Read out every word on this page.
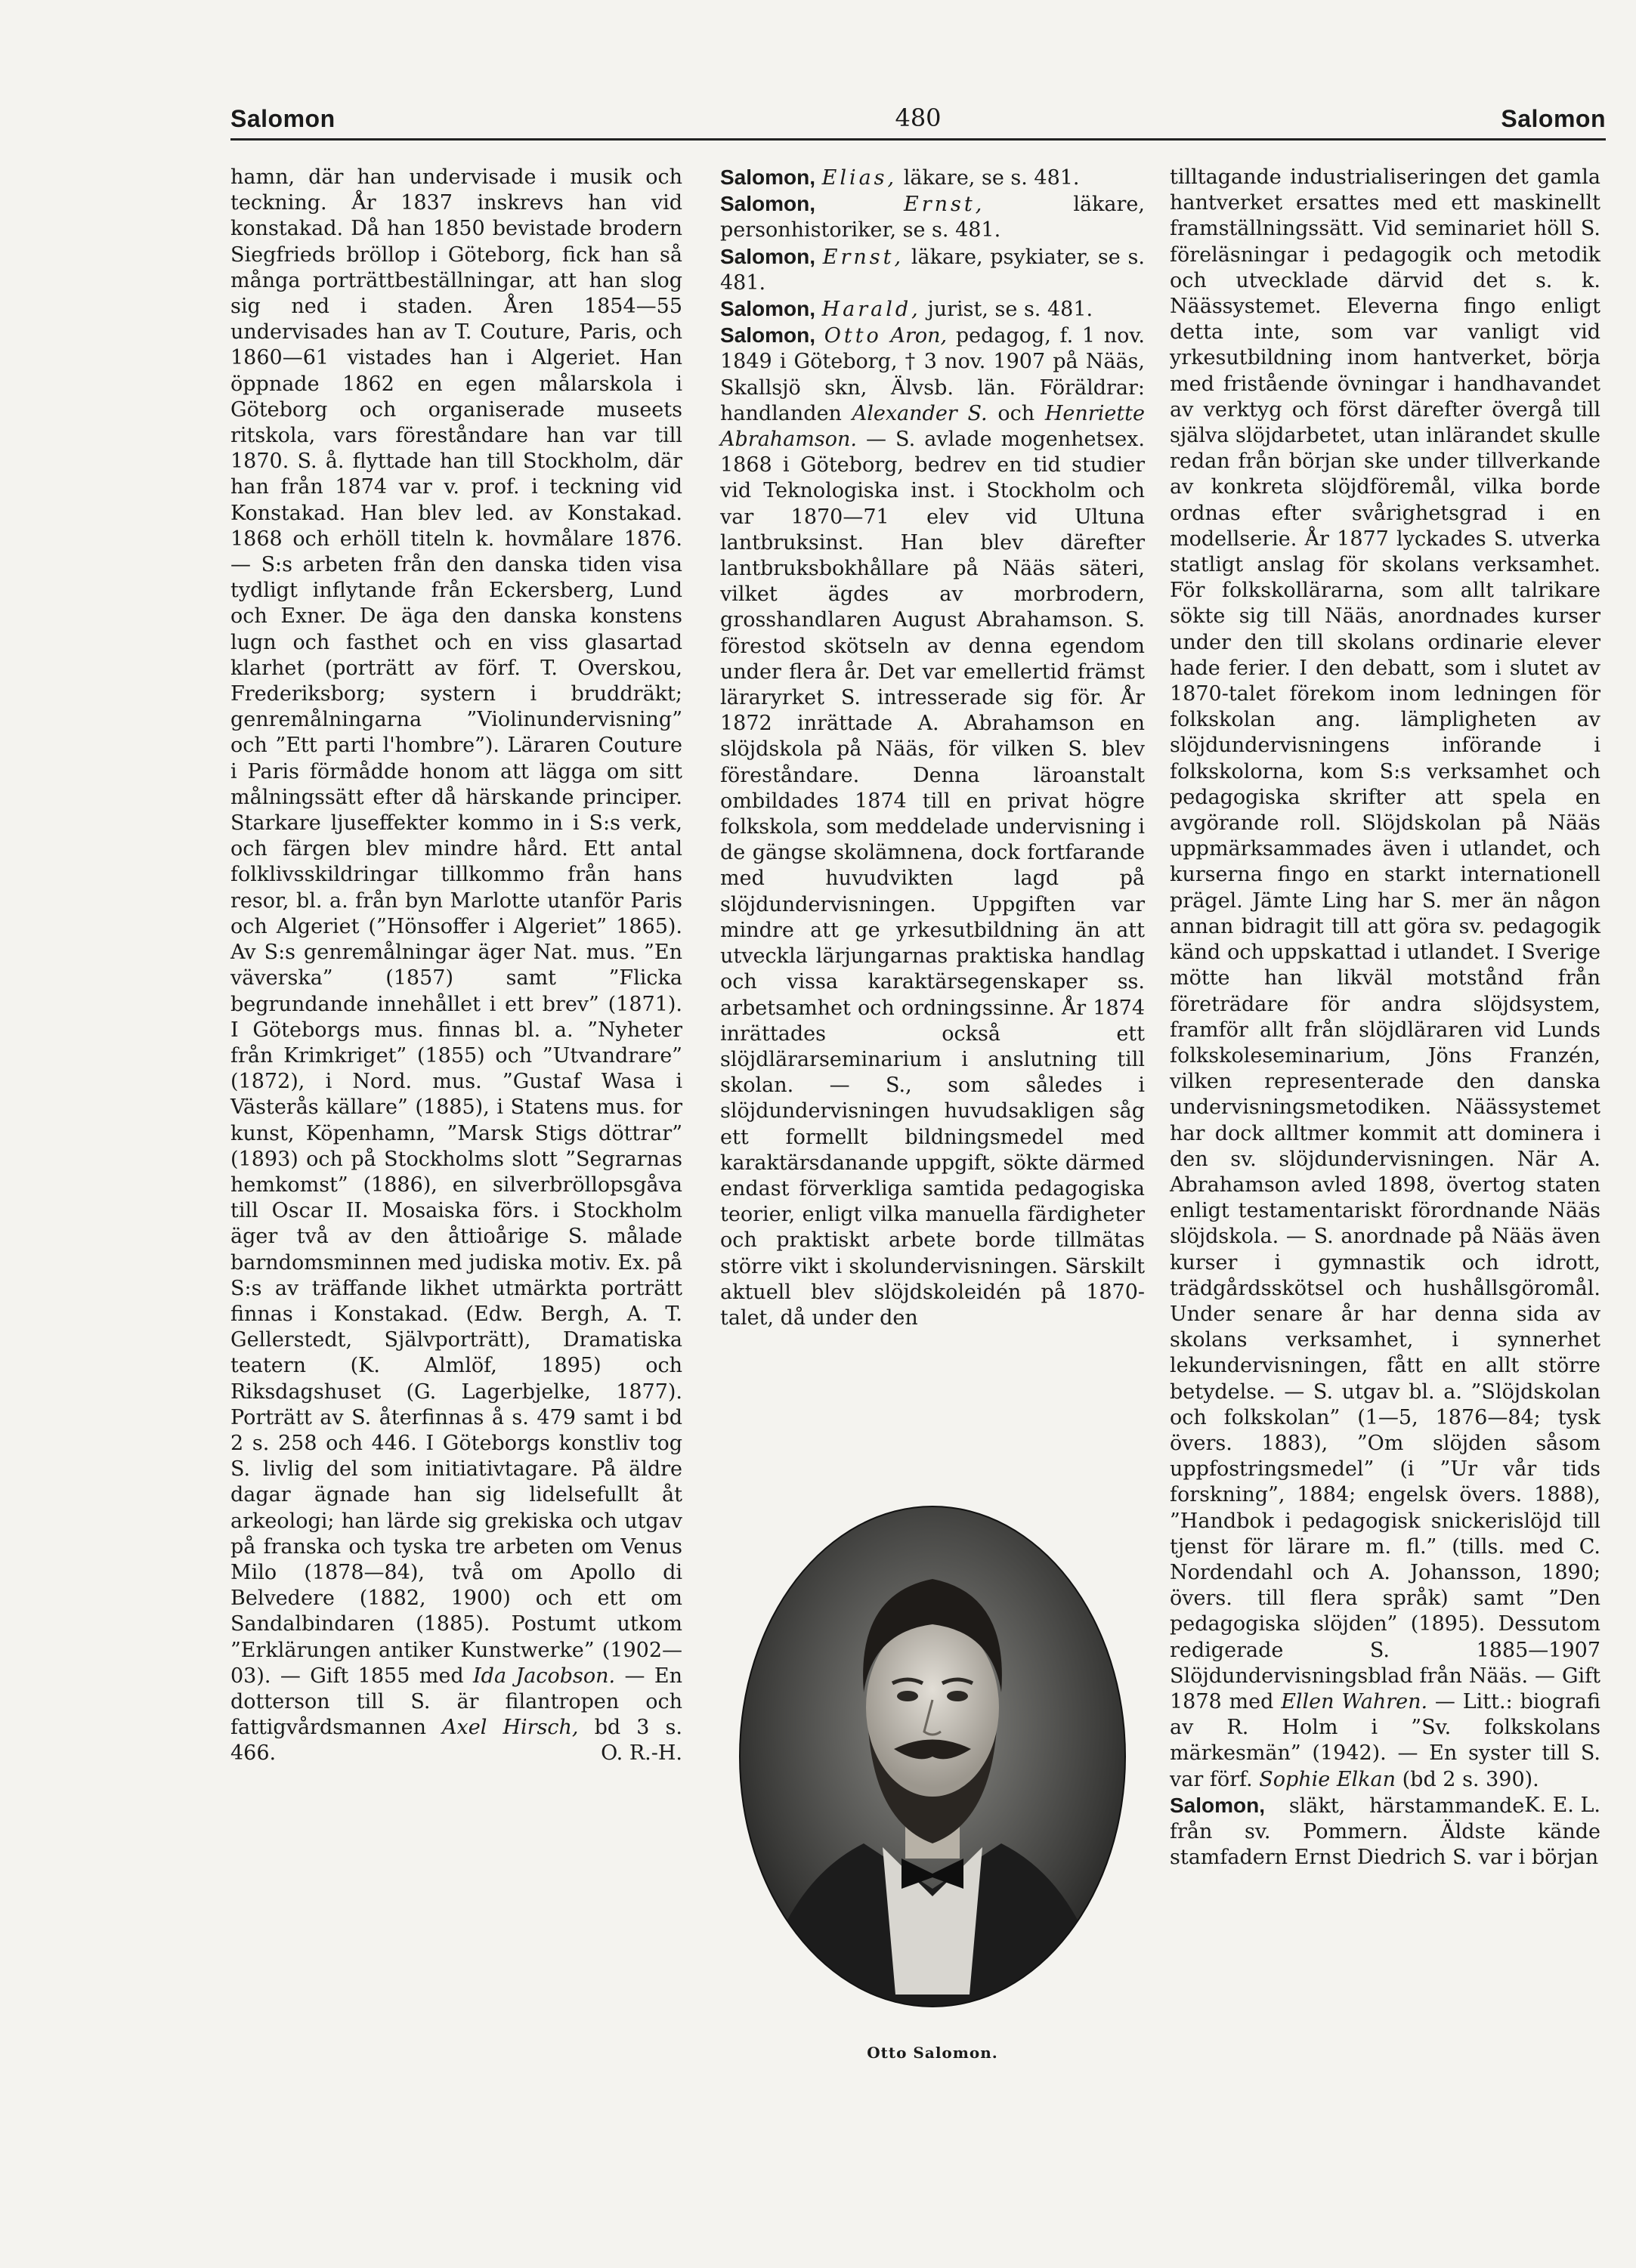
Salomon	480	Salomon

hamn, där han undervisade i musik och teckning. År 1837 inskrevs han vid konstakad. Då han 1850 bevistade brodern Siegfrieds bröllop i Göteborg, fick han så många porträttbeställningar, att han slog sig ned i staden. Åren 1854—55 undervisades han av T. Couture, Paris, och 1860—61 vistades han i Algeriet. Han öppnade 1862 en egen målarskola i Göteborg och organiserade museets ritskola, vars föreståndare han var till 1870. S. å. flyttade han till Stockholm, där han från 1874 var v. prof. i teckning vid Konstakad. Han blev led. av Konstakad. 1868 och erhöll titeln k. hovmålare 1876. — S:s arbeten från den danska tiden visa tydligt inflytande från Eckersberg, Lund och Exner. De äga den danska konstens lugn och fasthet och en viss glasartad klarhet (porträtt av förf. T. Overskou, Frederiksborg; systern i bruddräkt; genremålningarna ”Violinundervisning” och ”Ett parti l'hombre”). Läraren Couture i Paris förmådde honom att lägga om sitt målningssätt efter då härskande principer. Starkare ljuseffekter kommo in i S:s verk, och färgen blev mindre hård. Ett antal folklivsskildringar tillkommo från hans resor, bl. a. från byn Marlotte utanför Paris och Algeriet (”Hönsoffer i Algeriet” 1865). Av S:s genremålningar äger Nat. mus. ”En väverska” (1857) samt ”Flicka begrundande innehållet i ett brev” (1871). I Göteborgs mus. finnas bl. a. ”Nyheter från Krimkriget” (1855) och ”Utvandrare” (1872), i Nord. mus. ”Gustaf Wasa i Västerås källare” (1885), i Statens mus. for kunst, Köpenhamn, ”Marsk Stigs döttrar” (1893) och på Stockholms slott ”Segrarnas hemkomst” (1886), en silverbröllopsgåva till Oscar II. Mosaiska förs. i Stockholm äger två av den åttioårige S. målade barndomsminnen med judiska motiv. Ex. på S:s av träffande likhet utmärkta porträtt finnas i Konstakad. (Edw. Bergh, A. T. Gellerstedt, Självporträtt), Dramatiska teatern (K. Almlöf, 1895) och Riksdagshuset (G. Lagerbjelke, 1877). Porträtt av S. återfinnas å s. 479 samt i bd 2 s. 258 och 446. I Göteborgs konstliv tog S. livlig del som initiativtagare. På äldre dagar ägnade han sig lidelsefullt åt arkeologi; han lärde sig grekiska och utgav på franska och tyska tre arbeten om Venus Milo (1878—84), två om Apollo di Belvedere (1882, 1900) och ett om Sandalbindaren (1885). Postumt utkom ”Erklärungen antiker Kunstwerke” (1902—03). — Gift 1855 med Ida Jacobson. — En dotterson till S. är filantropen och fattigvårdsmannen Axel Hirsch, bd 3 s. 466.	O. R.-H.

Salomon, Elias, läkare, se s. 481.

Salomon,	Ernst,	läkare, personhistoriker, se s. 481.

Salomon, Ernst, läkare, psykiater, se s. 481.

Salomon, Harald, jurist, se s. 481.

Salomon, Otto Aron, pedagog, f. 1 nov. 1849 i Göteborg, † 3 nov. 1907 på Nääs, Skallsjö skn, Älvsb. län. Föräldrar: handlanden Alexander S. och Henriette Abrahamson. — S. avlade mogenhetsex. 1868 i Göteborg, bedrev en tid studier vid Teknologiska inst. i Stockholm och var 1870—71 elev vid Ultuna lantbruksinst. Han blev därefter lantbruksbokhållare på Nääs säteri, vilket ägdes av morbrodern, grosshandlaren August Abrahamson. S. förestod skötseln av denna egendom under flera år. Det var emellertid främst läraryrket S. intresserade sig för. År 1872 inrättade A. Abrahamson en slöjdskola på Nääs, för vilken S. blev föreståndare. Denna läroanstalt ombildades 1874 till en privat högre folkskola, som meddelade undervisning i de gängse skolämnena, dock fortfarande med huvudvikten lagd på slöjdundervisningen. Uppgiften var mindre att ge yrkesutbildning än att utveckla lärjungarnas praktiska handlag och vissa karaktärsegenskaper ss. arbetsamhet och ordningssinne. År 1874 inrättades också ett slöjdlärarseminarium i anslutning till skolan. — S., som således i slöjdundervisningen huvudsakligen såg ett formellt bildningsmedel med karaktärsdanande uppgift, sökte därmed endast förverkliga samtida pedagogiska teorier, enligt vilka manuella färdigheter och praktiskt arbete borde tillmätas större vikt i skolundervisningen. Särskilt aktuell blev slöjdskoleidén på 1870-talet, då under den

Otto Salomon.

tilltagande industrialiseringen det gamla hantverket ersattes med ett maskinellt framställningssätt. Vid seminariet höll S. föreläsningar i pedagogik och metodik och utvecklade därvid det s. k. Näässystemet. Eleverna fingo enligt detta inte, som var vanligt vid yrkesutbildning inom hantverket, börja med fristående övningar i handhavandet av verktyg och först därefter övergå till själva slöjdarbetet, utan inlärandet skulle redan från början ske under tillverkande av konkreta slöjdföremål, vilka borde ordnas efter svårighetsgrad i en modellserie. År 1877 lyckades S. utverka statligt anslag för skolans verksamhet. För folkskollärarna, som allt talrikare sökte sig till Nääs, anordnades kurser under den till skolans ordinarie elever hade ferier. I den debatt, som i slutet av 1870-talet förekom inom ledningen för folkskolan ang. lämpligheten av slöjdundervisningens införande i folkskolorna, kom S:s verksamhet och pedagogiska skrifter att spela en avgörande roll. Slöjdskolan på Nääs uppmärksammades även i utlandet, och kurserna fingo en starkt internationell prägel. Jämte Ling har S. mer än någon annan bidragit till att göra sv. pedagogik känd och uppskattad i utlandet. I Sverige mötte han likväl motstånd från företrädare för andra slöjdsystem, framför allt från slöjdläraren vid Lunds folkskoleseminarium, Jöns Franzén, vilken representerade den danska undervisningsmetodiken. Näässystemet har dock alltmer kommit att dominera i den sv. slöjdundervisningen. När A. Abrahamson avled 1898, övertog staten enligt testamentariskt förordnande Nääs slöjdskola. — S. anordnade på Nääs även kurser i gymnastik och idrott, trädgårdsskötsel och hushållsgöromål. Under senare år har denna sida av skolans verksamhet, i synnerhet lekundervisningen, fått en allt större betydelse. — S. utgav bl. a. ”Slöjdskolan och folkskolan” (1—5, 1876—84; tysk övers. 1883), ”Om slöjden såsom uppfostringsmedel” (i ”Ur vår tids forskning”, 1884; engelsk övers. 1888), ”Handbok i pedagogisk snickerislöjd till tjenst för lärare m. fl.” (tills. med C. Nordendahl och A. Johansson, 1890; övers. till flera språk) samt ”Den pedagogiska slöjden” (1895). Dessutom redigerade S. 1885—1907 Slöjdundervisningsblad från Nääs. — Gift 1878 med Ellen Wahren. — Litt.: biografi av R. Holm i ”Sv. folkskolans märkesmän” (1942). — En syster till S. var förf. Sophie Elkan (bd 2 s. 390).
K. E. L.

Salomon, släkt, härstammande från sv. Pommern. Äldste kände stamfadern Ernst Diedrich S. var i början
